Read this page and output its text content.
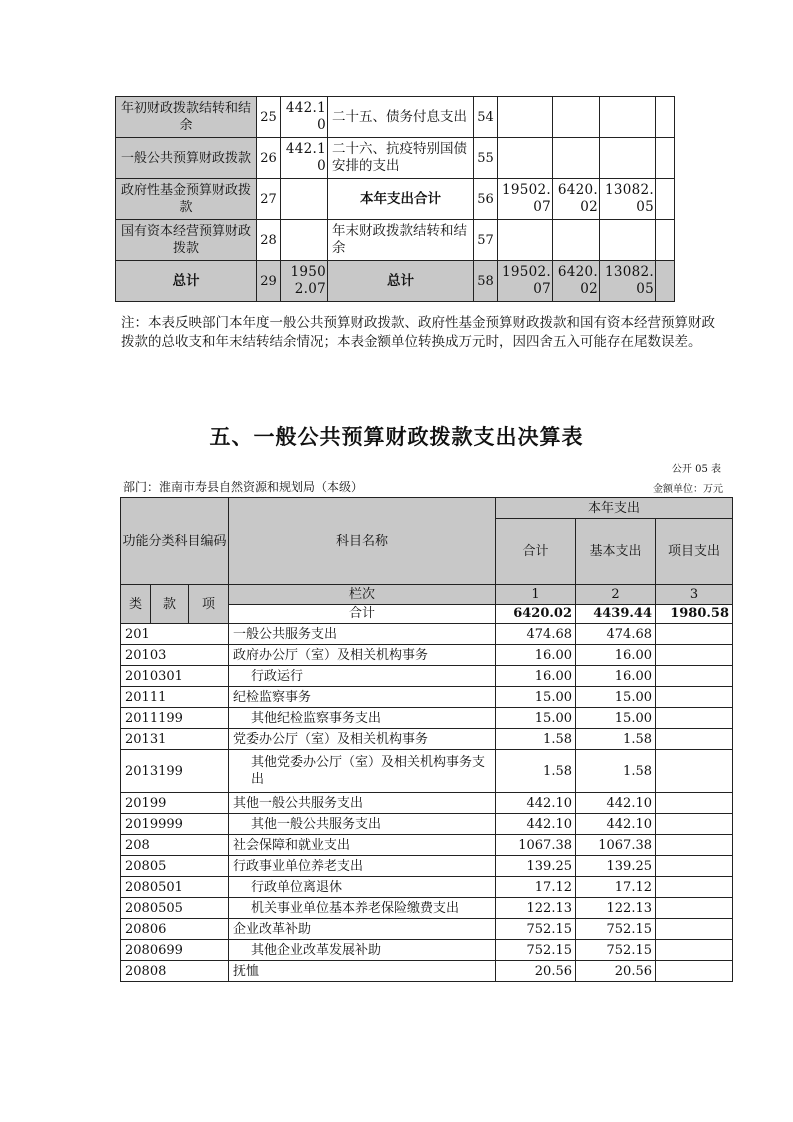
年初财政拨款结转和结余	25	442.10	二十五、债务付息支出	54				
一般公共预算财政拨款	26	442.10	二十六、抗疫特别国债安排的支出	55				
政府性基金预算财政拨款	27		本年支出合计	56	19502.07	6420.02	13082.05	
国有资本经营预算财政拨款	28		年末财政拨款结转和结余	57				
总计	29	19502.07	总计	58	19502.07	6420.02	13082.05	
注：本表反映部门本年度一般公共预算财政拨款、政府性基金预算财政拨款和国有资本经营预算财政拨款的总收支和年末结转结余情况；本表金额单位转换成万元时，因四舍五入可能存在尾数误差。
五、一般公共预算财政拨款支出决算表
公开 05 表
部门：淮南市寿县自然资源和规划局（本级）	金额单位：万元
功能分类科目编码			科目名称	本年支出		
				合计	基本支出	项目支出
类	款	项	栏次	1	2	3
			合计	6420.02	4439.44	1980.58
201			一般公共服务支出	474.68	474.68	
20103			政府办公厅（室）及相关机构事务	16.00	16.00	
2010301			行政运行	16.00	16.00	
20111			纪检监察事务	15.00	15.00	
2011199			其他纪检监察事务支出	15.00	15.00	
20131			党委办公厅（室）及相关机构事务	1.58	1.58	
2013199			其他党委办公厅（室）及相关机构事务支出	1.58	1.58	
20199			其他一般公共服务支出	442.10	442.10	
2019999			其他一般公共服务支出	442.10	442.10	
208			社会保障和就业支出	1067.38	1067.38	
20805			行政事业单位养老支出	139.25	139.25	
2080501			行政单位离退休	17.12	17.12	
2080505			机关事业单位基本养老保险缴费支出	122.13	122.13	
20806			企业改革补助	752.15	752.15	
2080699			其他企业改革发展补助	752.15	752.15	
20808			抚恤	20.56	20.56	
